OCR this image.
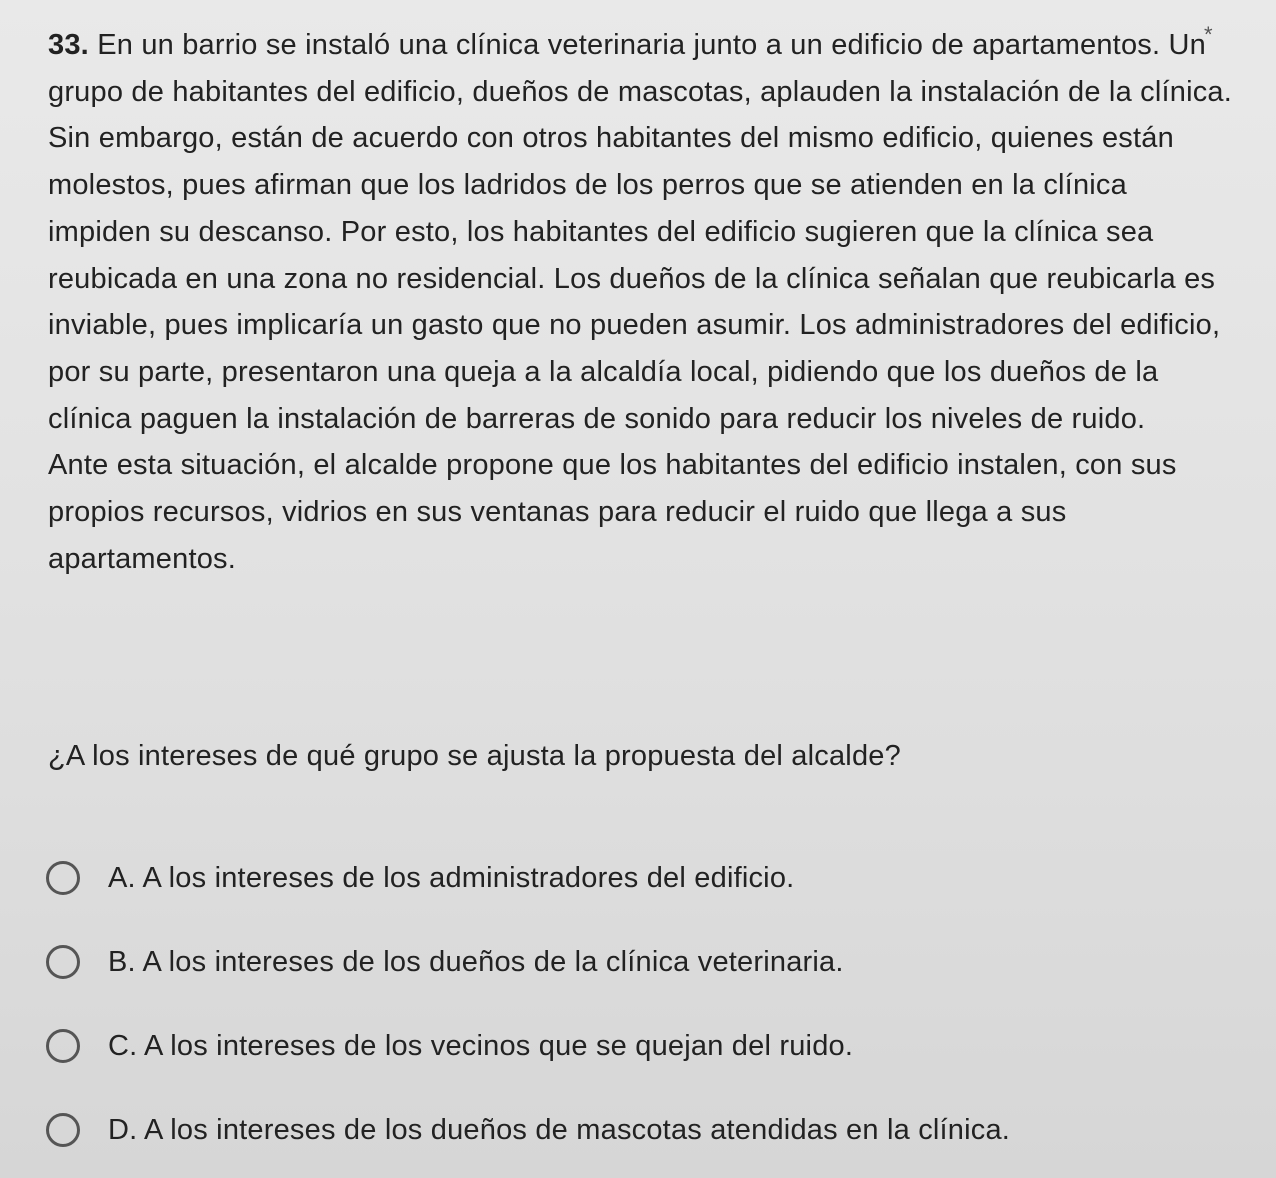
*

33. En un barrio se instaló una clínica veterinaria junto a un edificio de apartamentos. Un grupo de habitantes del edificio, dueños de mascotas, aplauden la instalación de la clínica. Sin embargo, están de acuerdo con otros habitantes del mismo edificio, quienes están molestos, pues afirman que los ladridos de los perros que se atienden en la clínica impiden su descanso. Por esto, los habitantes del edificio sugieren que la clínica sea reubicada en una zona no residencial. Los dueños de la clínica señalan que reubicarla es inviable, pues implicaría un gasto que no pueden asumir. Los administradores del edificio, por su parte, presentaron una queja a la alcaldía local, pidiendo que los dueños de la clínica paguen la instalación de barreras de sonido para reducir los niveles de ruido.

Ante esta situación, el alcalde propone que los habitantes del edificio instalen, con sus propios recursos, vidrios en sus ventanas para reducir el ruido que llega a sus apartamentos.

¿A los intereses de qué grupo se ajusta la propuesta del alcalde?
A. A los intereses de los administradores del edificio.
B. A los intereses de los dueños de la clínica veterinaria.
C. A los intereses de los vecinos que se quejan del ruido.
D. A los intereses de los dueños de mascotas atendidas en la clínica.
